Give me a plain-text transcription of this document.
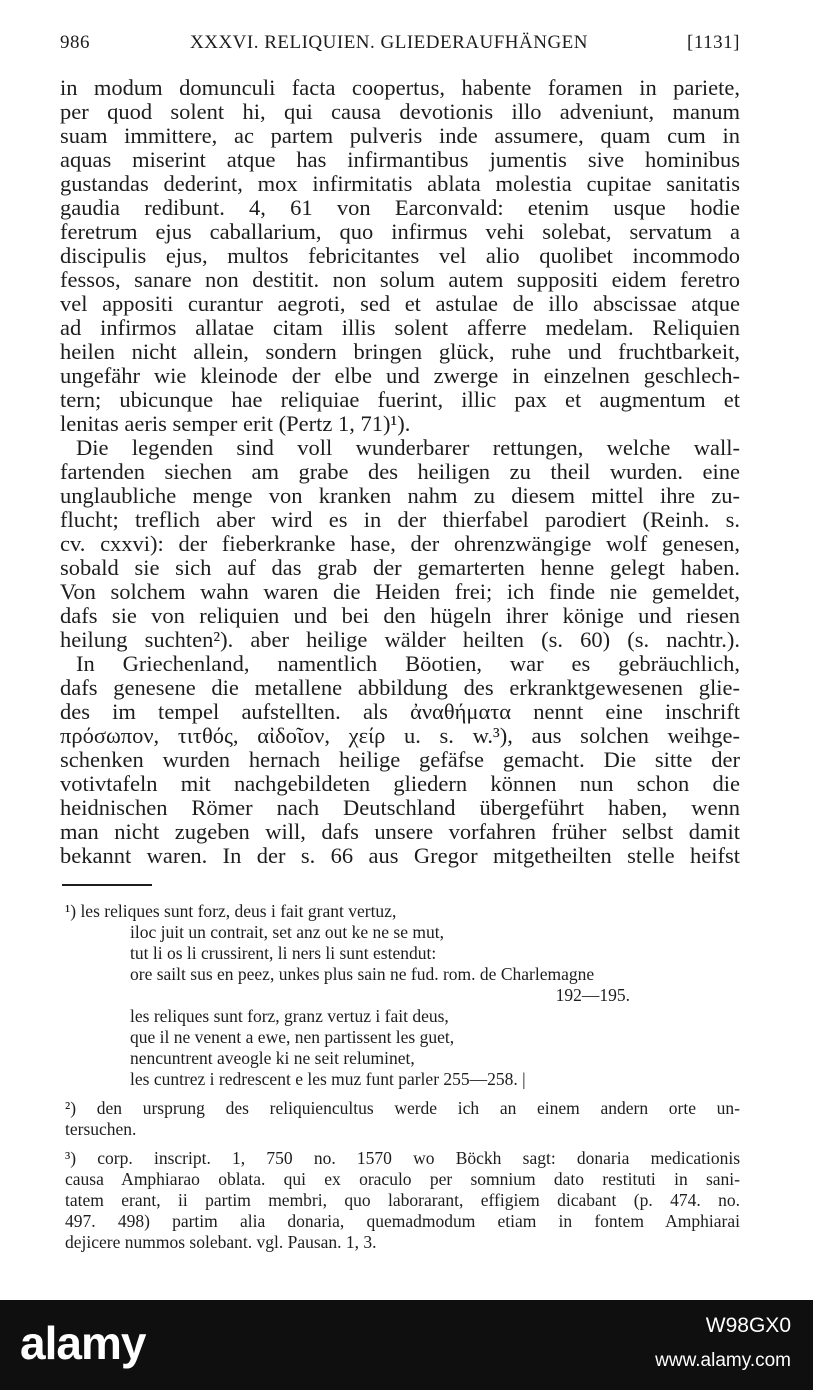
986	XXXVI. RELIQUIEN. GLIEDERAUFHÄNGEN	[1131]
in modum domunculi facta coopertus, habente foramen in pariete,
per quod solent hi, qui causa devotionis illo adveniunt, manum
suam immittere, ac partem pulveris inde assumere, quam cum in
aquas miserint atque has infirmantibus jumentis sive hominibus
gustandas dederint, mox infirmitatis ablata molestia cupitae sanitatis
gaudia redibunt. 4, 61 von Earconvald: etenim usque hodie
feretrum ejus caballarium, quo infirmus vehi solebat, servatum a
discipulis ejus, multos febricitantes vel alio quolibet incommodo
fessos, sanare non destitit. non solum autem suppositi eidem feretro
vel appositi curantur aegroti, sed et astulae de illo abscissae atque
ad infirmos allatae citam illis solent afferre medelam. Reliquien
heilen nicht allein, sondern bringen glück, ruhe und fruchtbarkeit,
ungefähr wie kleinode der elbe und zwerge in einzelnen geschlech-
tern; ubicunque hae reliquiae fuerint, illic pax et augmentum et
lenitas aeris semper erit (Pertz 1, 71)¹).
Die legenden sind voll wunderbarer rettungen, welche wall-
fartenden siechen am grabe des heiligen zu theil wurden. eine
unglaubliche menge von kranken nahm zu diesem mittel ihre zu-
flucht; treflich aber wird es in der thierfabel parodiert (Reinh. s.
cv. cxxvi): der fieberkranke hase, der ohrenzwängige wolf genesen,
sobald sie sich auf das grab der gemarterten henne gelegt haben.
Von solchem wahn waren die Heiden frei; ich finde nie gemeldet,
dafs sie von reliquien und bei den hügeln ihrer könige und riesen
heilung suchten²). aber heilige wälder heilten (s. 60) (s. nachtr.).
In Griechenland, namentlich Böotien, war es gebräuchlich,
dafs genesene die metallene abbildung des erkranktgewesenen glie-
des im tempel aufstellten. als ἀναθήματα nennt eine inschrift
πρόσωπον, τιτθός, αἰδοῖον, χείρ u. s. w.³), aus solchen weihge-
schenken wurden hernach heilige gefäfse gemacht. Die sitte der
votivtafeln mit nachgebildeten gliedern können nun schon die
heidnischen Römer nach Deutschland übergeführt haben, wenn
man nicht zugeben will, dafs unsere vorfahren früher selbst damit
bekannt waren. In der s. 66 aus Gregor mitgetheilten stelle heifst
¹) les reliques sunt forz, deus i fait grant vertuz,
iloc juit un contrait, set anz out ke ne se mut,
tut li os li crussirent, li ners li sunt estendut:
ore sailt sus en peez, unkes plus sain ne fud. rom. de Charlemagne
192—195.
les reliques sunt forz, granz vertuz i fait deus,
que il ne venent a ewe, nen partissent les guet,
nencuntrent aveogle ki ne seit reluminet,
les cuntrez i redrescent e les muz funt parler 255—258. |
²) den ursprung des reliquiencultus werde ich an einem andern orte un-
tersuchen.
³) corp. inscript. 1, 750 no. 1570 wo Böckh sagt: donaria medicationis
causa Amphiarao oblata. qui ex oraculo per somnium dato restituti in sani-
tatem erant, ii partim membri, quo laborarant, effigiem dicabant (p. 474. no.
497. 498) partim alia donaria, quemadmodum etiam in fontem Amphiarai
dejicere nummos solebant. vgl. Pausan. 1, 3.
alamy	W98GX0
www.alamy.com
